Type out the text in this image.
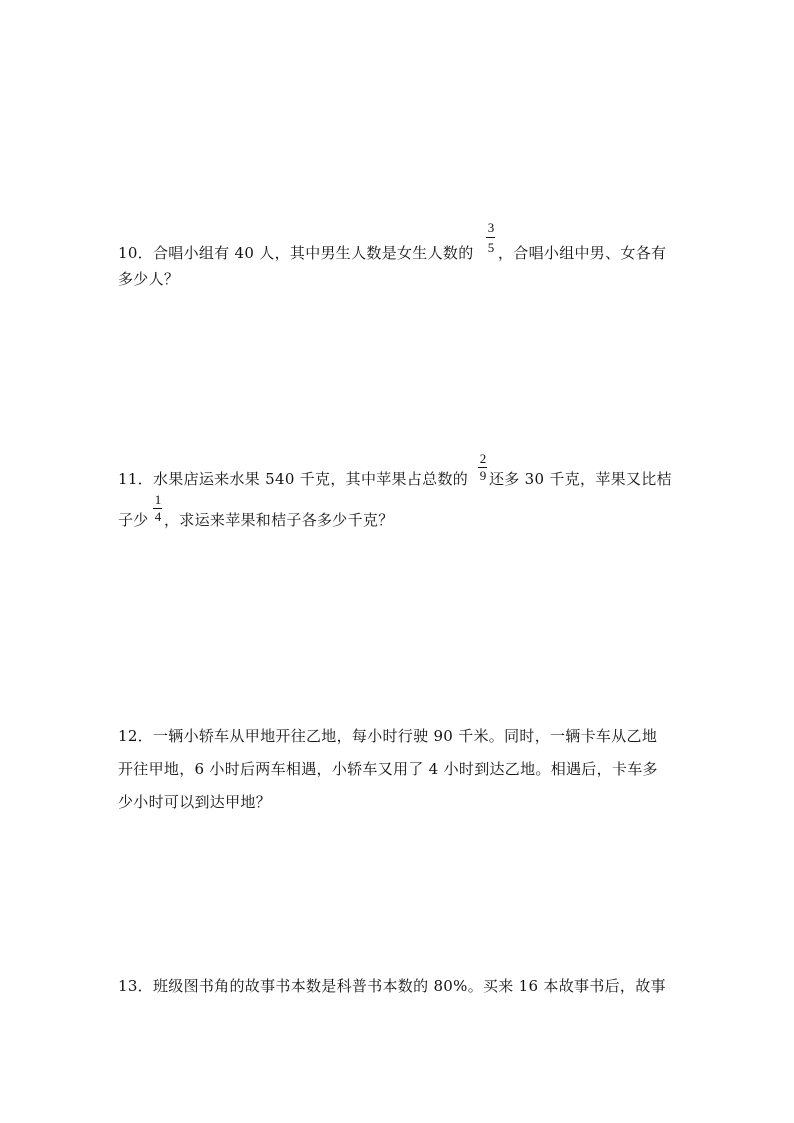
10．合唱小组有 40 人，其中男生人数是女生人数的
3
5 ，合唱小组中男、女各有
多少人？
11．水果店运来水果 540 千克，其中苹果占总数的
2
9 还多 30 千克，苹果又比桔
子少
1
4 ，求运来苹果和桔子各多少千克？
12．一辆小轿车从甲地开往乙地，每小时行驶 90 千米。同时，一辆卡车从乙地
开往甲地，6 小时后两车相遇，小轿车又用了 4 小时到达乙地。相遇后，卡车多
少小时可以到达甲地？
13．班级图书角的故事书本数是科普书本数的 80%。买来 16 本故事书后，故事
